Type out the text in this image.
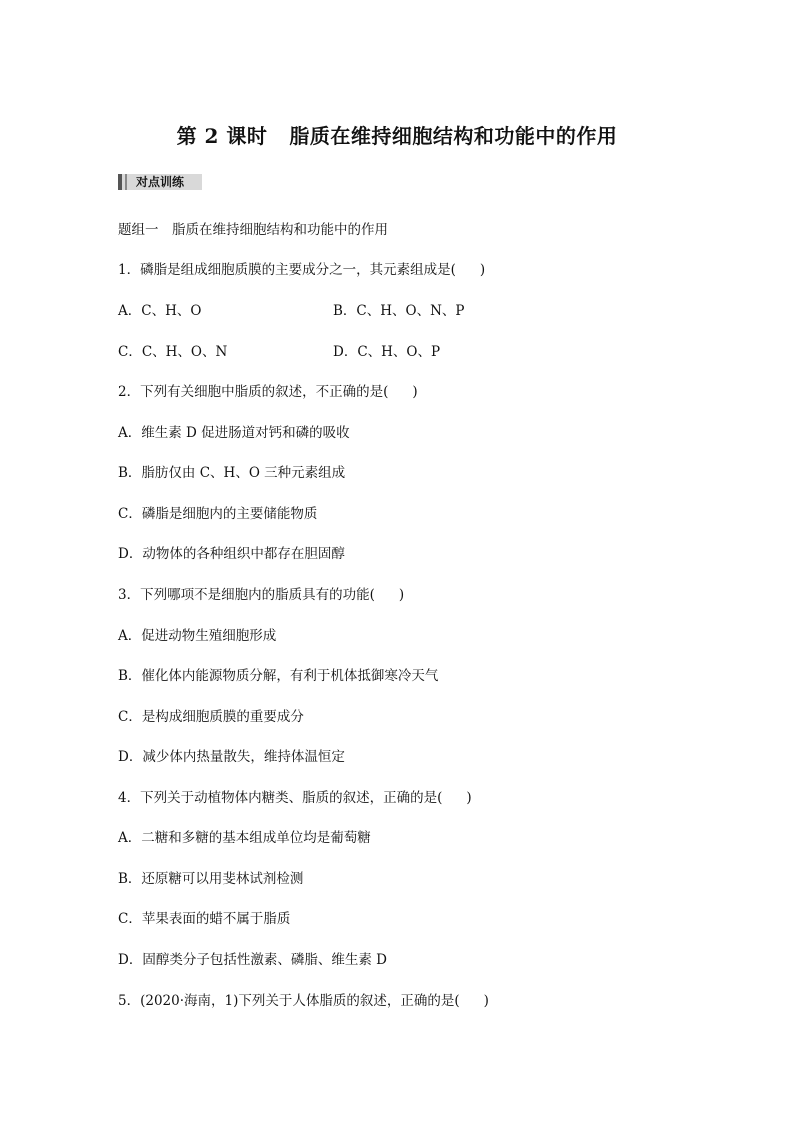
第 2 课时 脂质在维持细胞结构和功能中的作用
对点训练
题组一　脂质在维持细胞结构和功能中的作用
1．磷脂是组成细胞质膜的主要成分之一，其元素组成是( )
A．C、H、O	B．C、H、O、N、P
C．C、H、O、N	D．C、H、O、P
2．下列有关细胞中脂质的叙述，不正确的是( )
A．维生素 D 促进肠道对钙和磷的吸收
B．脂肪仅由 C、H、O 三种元素组成
C．磷脂是细胞内的主要储能物质
D．动物体的各种组织中都存在胆固醇
3．下列哪项不是细胞内的脂质具有的功能( )
A．促进动物生殖细胞形成
B．催化体内能源物质分解，有利于机体抵御寒冷天气
C．是构成细胞质膜的重要成分
D．减少体内热量散失，维持体温恒定
4．下列关于动植物体内糖类、脂质的叙述，正确的是( )
A．二糖和多糖的基本组成单位均是葡萄糖
B．还原糖可以用斐林试剂检测
C．苹果表面的蜡不属于脂质
D．固醇类分子包括性激素、磷脂、维生素 D
5．(2020·海南，1)下列关于人体脂质的叙述，正确的是( )
